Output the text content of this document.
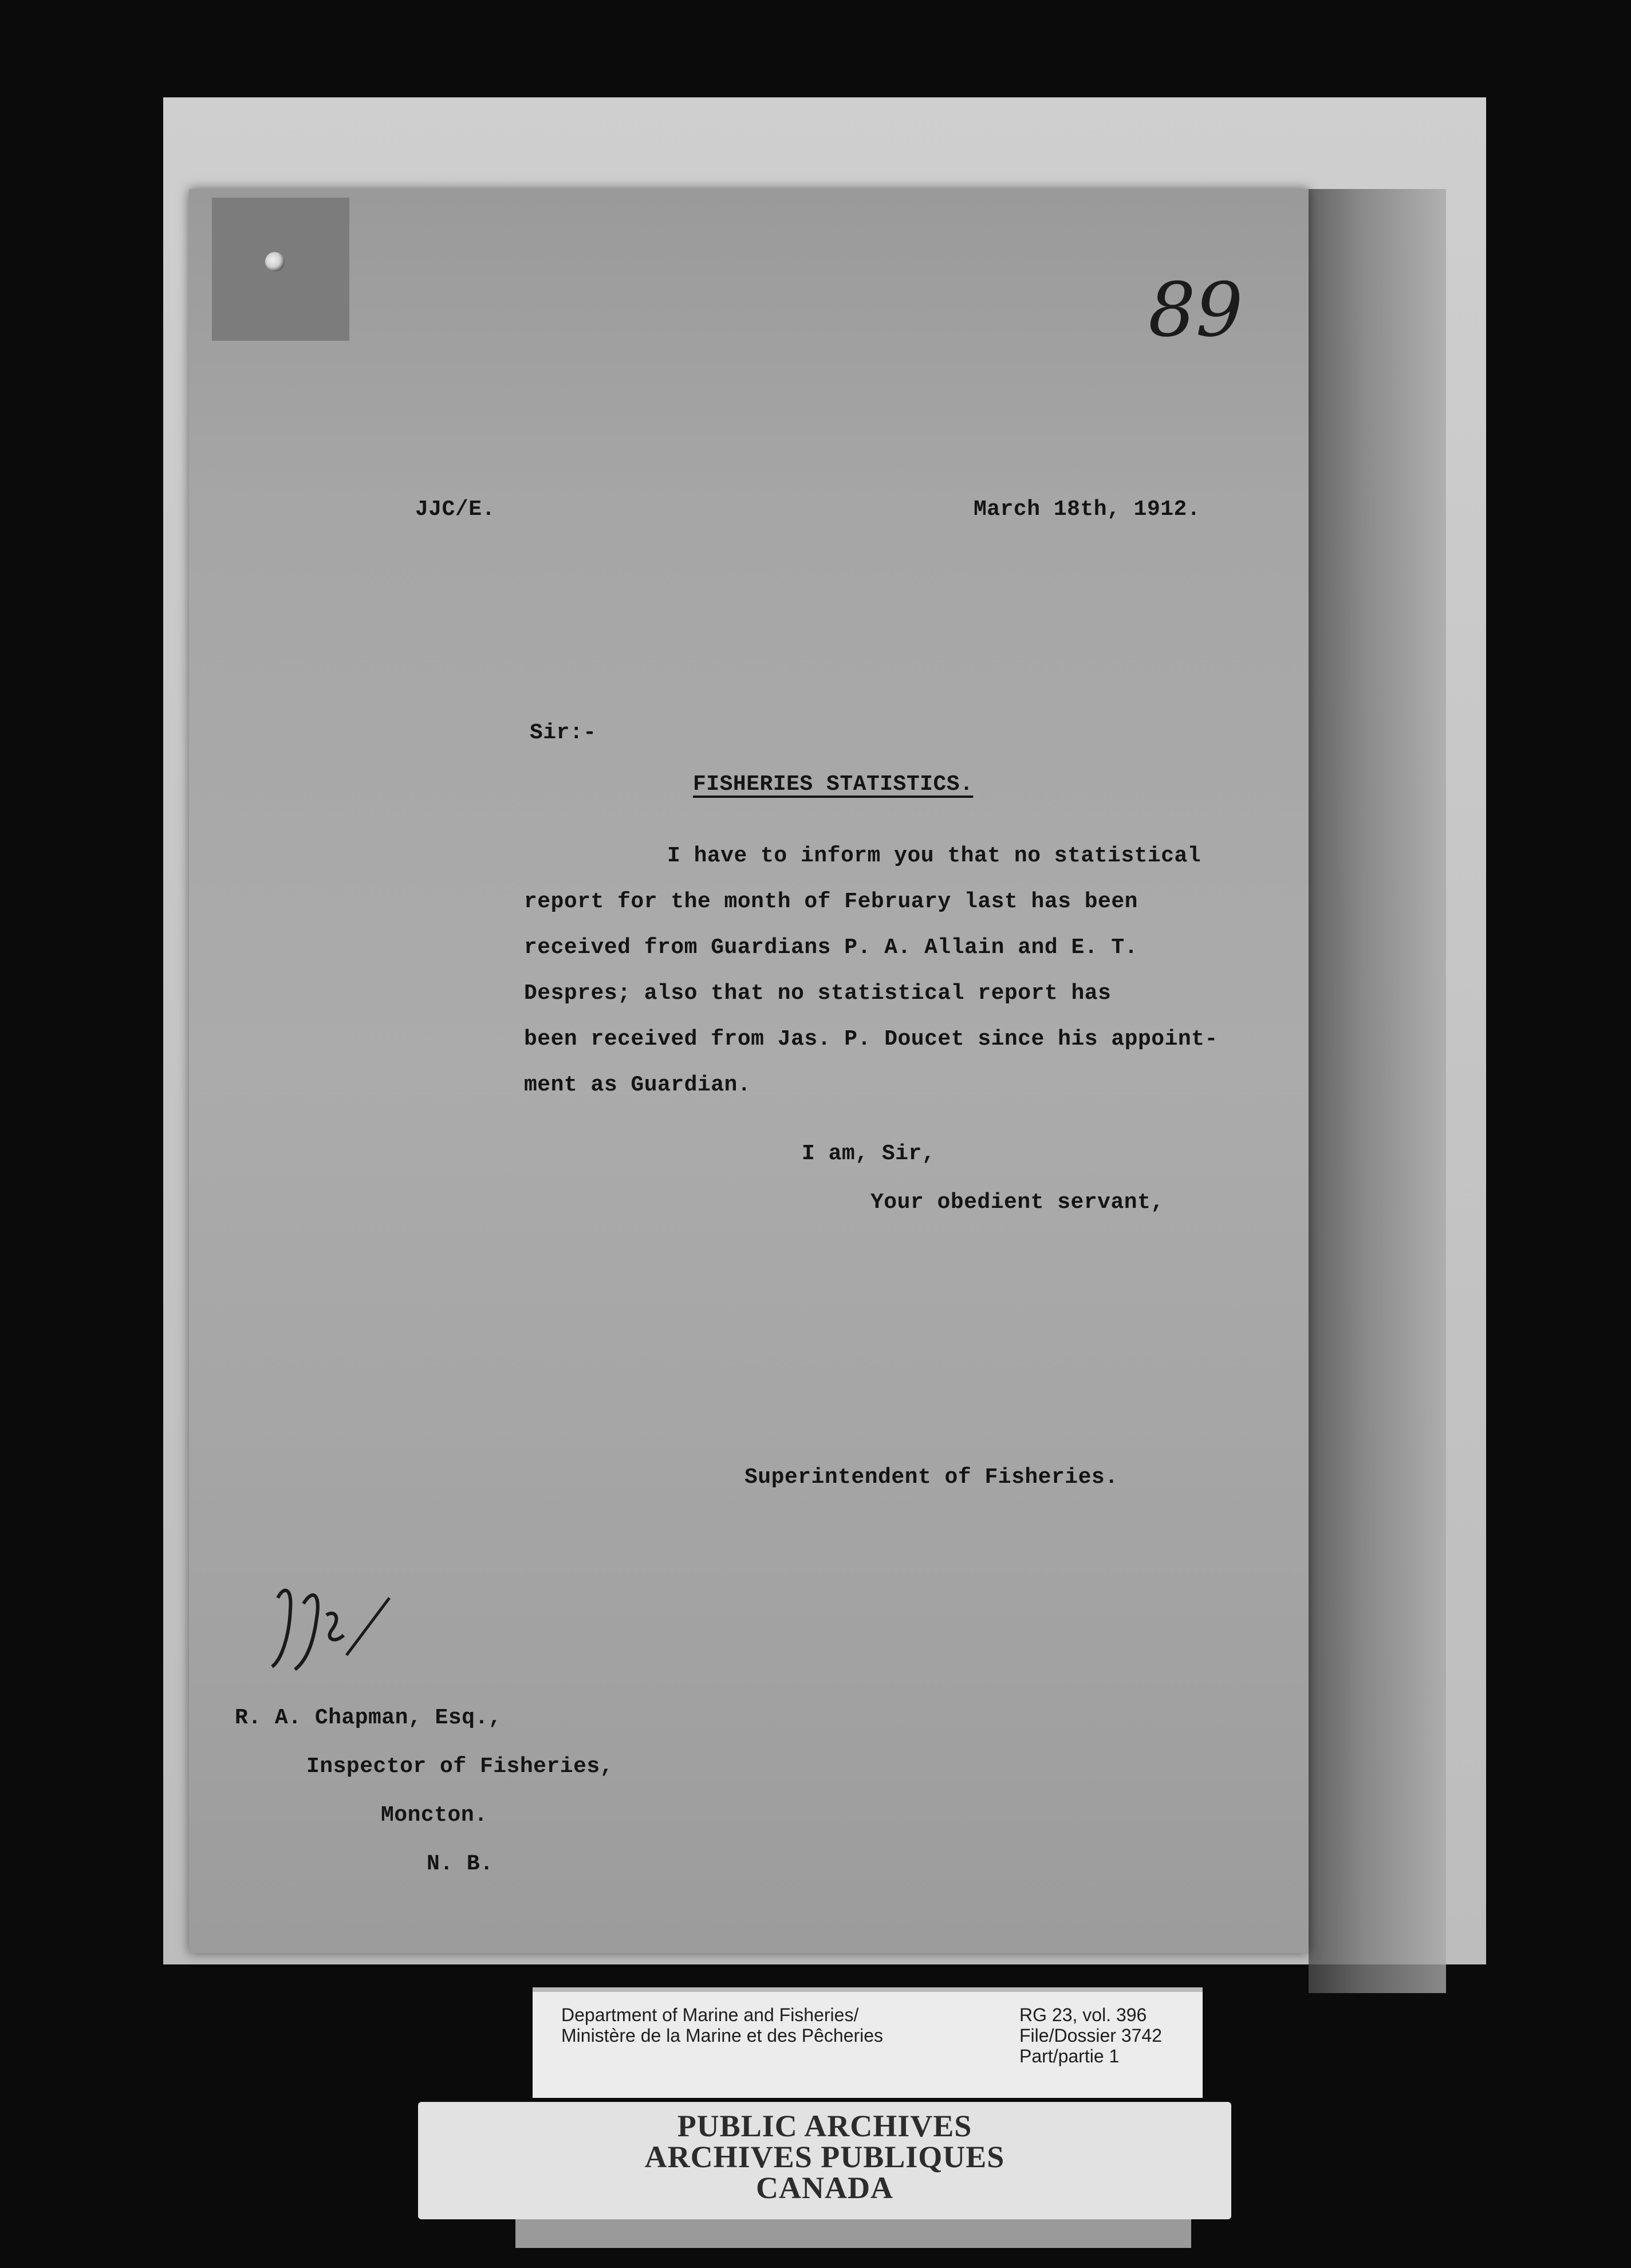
89
JJC/E.	March 18th, 1912.
Sir:-
FISHERIES STATISTICS.
I have to inform you that no statistical
report for the month of February last has been
received from Guardians P. A. Allain and E. T.
Despres; also that no statistical report has
been received from Jas. P. Doucet since his appoint-
ment as Guardian.
I am, Sir,
Your obedient servant,
Superintendent of Fisheries.
R. A. Chapman, Esq.,
Inspector of Fisheries,
Moncton.
N. B.
Department of Marine and Fisheries/
Ministère de la Marine et des Pêcheries
RG 23, vol. 396
File/Dossier 3742
Part/partie 1
PUBLIC ARCHIVES
ARCHIVES PUBLIQUES
CANADA
